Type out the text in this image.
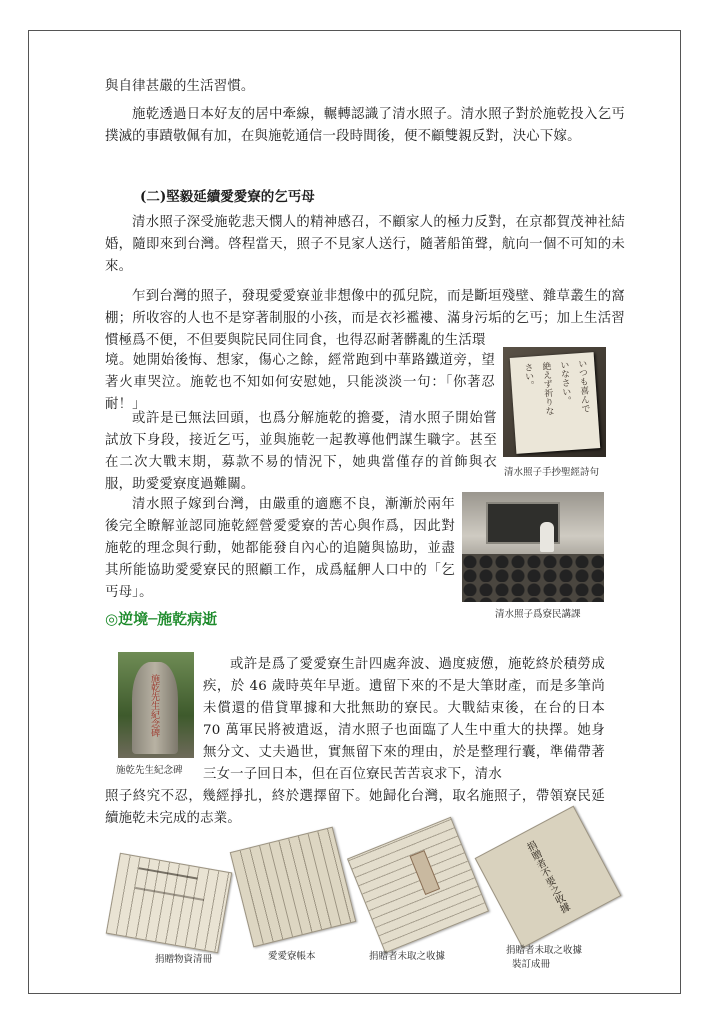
與自律甚嚴的生活習慣。

施乾透過日本好友的居中牽線，輾轉認識了清水照子。清水照子對於施乾投入乞丐撲滅的事蹟敬佩有加，在與施乾通信一段時間後，便不顧雙親反對，決心下嫁。

(二)堅毅延續愛愛寮的乞丐母

清水照子深受施乾悲天憫人的精神感召，不顧家人的極力反對，在京都賀茂神社結婚，隨即來到台灣。啓程當天，照子不見家人送行，隨著船笛聲，航向一個不可知的未來。

乍到台灣的照子，發現愛愛寮並非想像中的孤兒院，而是斷垣殘壁、雜草叢生的窩棚；所收容的人也不是穿著制服的小孩，而是衣衫襤褸、滿身污垢的乞丐；加上生活習慣極爲不便，不但要與院民同住同食，也得忍耐著髒亂的生活環

境。她開始後悔、想家，傷心之餘，經常跑到中華路鐵道旁，望著火車哭泣。施乾也不知如何安慰她，只能淡淡一句：「你著忍耐！」

或許是已無法回頭，也爲分解施乾的擔憂，清水照子開始嘗試放下身段，接近乞丐，並與施乾一起教導他們謀生職字。甚至在二次大戰末期，募款不易的情況下，她典當僅存的首飾與衣服，助愛愛寮度過難關。

清水照子嫁到台灣，由嚴重的適應不良，漸漸於兩年後完全瞭解並認同施乾經營愛愛寮的苦心與作爲，因此對施乾的理念與行動，她都能發自內心的追隨與協助，並盡其所能協助愛愛寮民的照顧工作，成爲艋舺人口中的「乞丐母」。

いつも喜んで
いなさい。
絶えず祈りな
さい。
清水照子手抄聖經詩句
清水照子爲寮民講課

◎逆境─施乾病逝

施乾先生紀念碑
施乾先生紀念碑

或許是爲了愛愛寮生計四處奔波、過度疲憊，施乾終於積勞成疾，於 46 歲時英年早逝。遺留下來的不是大筆財產，而是多筆尚未償還的借貸單據和大批無助的寮民。大戰結束後，在台的日本 70 萬軍民將被遣返，清水照子也面臨了人生中重大的抉擇。她身無分文、丈夫過世，實無留下來的理由，於是整理行囊，準備帶著三女一子回日本，但在百位寮民苦苦哀求下，清水

照子終究不忍，幾經掙扎，終於選擇留下。她歸化台灣，取名施照子，帶領寮民延續施乾未完成的志業。

捐贈物資清冊	愛愛寮帳本	捐贈者未取之收據
捐贈者不要之收據
捐贈者未取之收據
裝訂成冊
